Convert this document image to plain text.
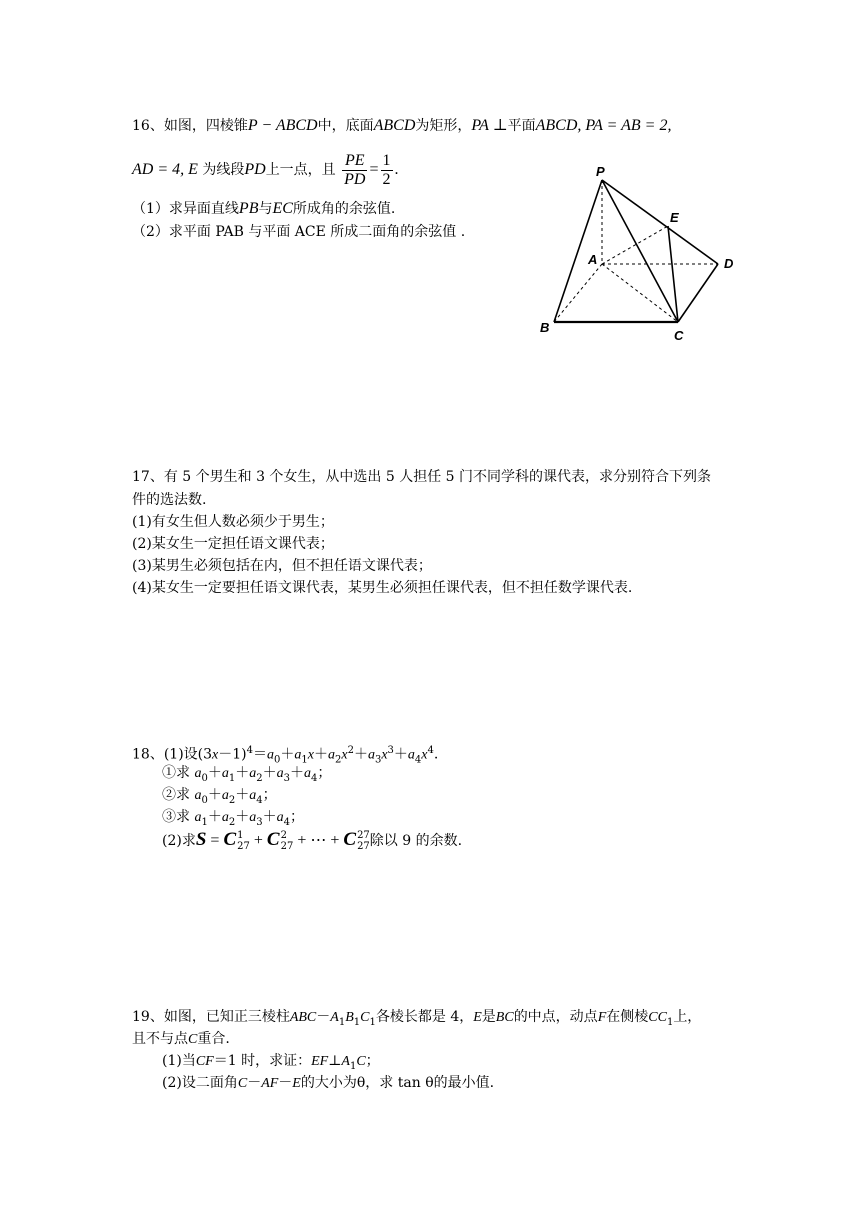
16、如图，四棱锥P − ABCD中，底面ABCD为矩形，PA ⊥平面ABCD, PA = AB = 2,
AD = 4, E 为线段PD上一点，且 $\frac{PE}{PD} = \frac{1}{2}$ .
（1）求异面直线PB与EC所成角的余弦值.
（2）求平面 PAB 与平面 ACE 所成二面角的余弦值 .
P
E
A	D
B
C
17、有 5 个男生和 3 个女生，从中选出 5 人担任 5 门不同学科的课代表，求分别符合下列条
件的选法数.
(1)有女生但人数必须少于男生；
(2)某女生一定担任语文课代表；
(3)某男生必须包括在内，但不担任语文课代表；
(4)某女生一定要担任语文课代表，某男生必须担任课代表，但不担任数学课代表.
18、(1)设$(3x-1)^4=a_0+a_1x+a_2x^2+a_3x^3+a_4x^4$.
①求 $a_0+a_1+a_2+a_3+a_4$；
②求 $a_0+a_2+a_4$；
③求 $a_1+a_2+a_3+a_4$；
(2)求S = C 1
27 + C 2
27 + ⋯ + C 27
27 除以 9 的余数.
19、如图，已知正三棱柱$ABC-A_1B_1C_1$各棱长都是 4，E是BC的中点，动点F在侧棱$CC_1$上，
且不与点C重合.
(1)当CF＝1 时，求证：$EF\perp A_1C$；
(2)设二面角C－AF－E的大小为θ，求 tan θ的最小值.
